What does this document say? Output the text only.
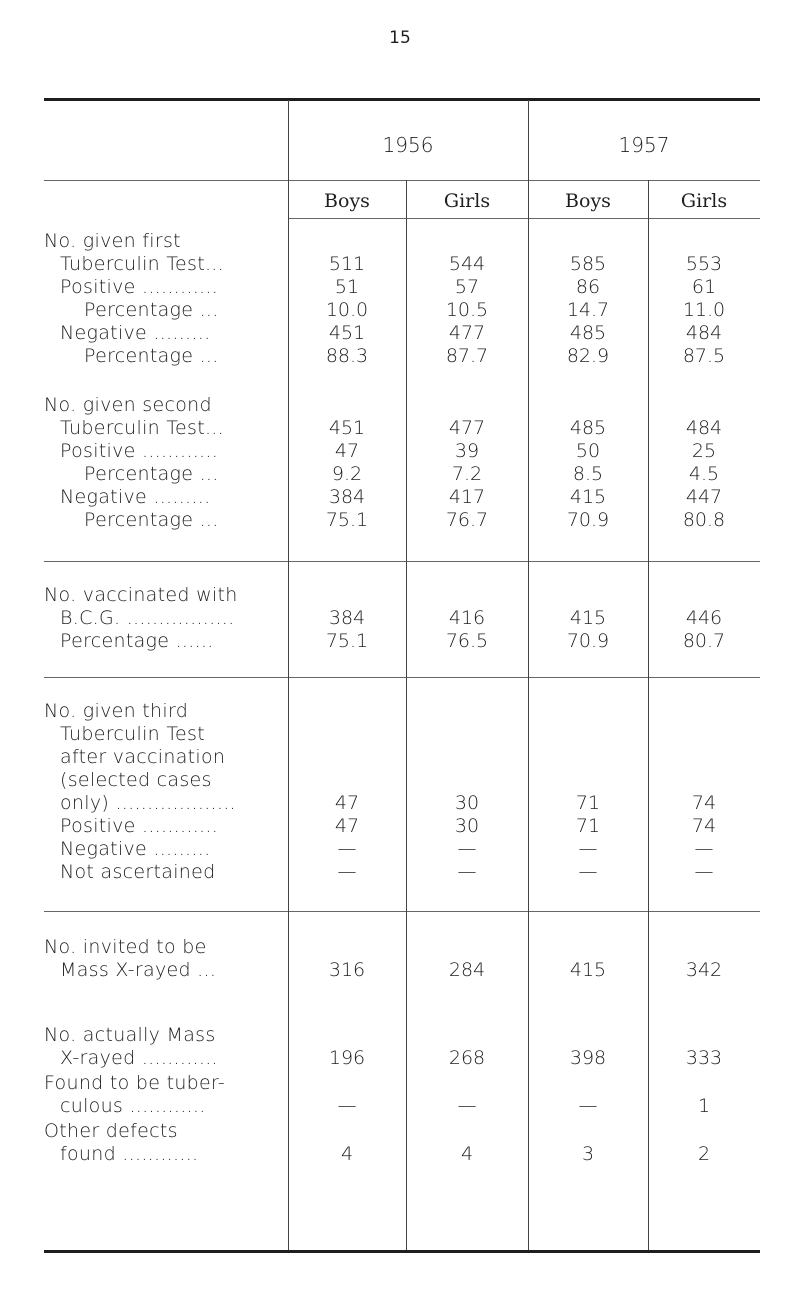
15
1956	1957
Boys	Girls	Boys	Girls
No. given first
Tuberculin Test...	511	544	585	553
Positive ............	51	57	86	61
Percentage ...	10.0	10.5	14.7	11.0
Negative .........	451	477	485	484
Percentage ...	88.3	87.7	82.9	87.5
No. given second
Tuberculin Test...	451	477	485	484
Positive ............	47	39	50	25
Percentage ...	9.2	7.2	8.5	4.5
Negative .........	384	417	415	447
Percentage ...	75.1	76.7	70.9	80.8
No. vaccinated with
B.C.G. .................	384	416	415	446
Percentage ......	75.1	76.5	70.9	80.7
No. given third
Tuberculin Test
after vaccination
(selected cases
only) ...................	47	30	71	74
Positive ............	47	30	71	74
Negative .........	—	—	—	—
Not ascertained	—	—	—	—
No. invited to be
Mass X-rayed ...	316	284	415	342
No. actually Mass
X-rayed ............	196	268	398	333
Found to be tuber-
culous ............	—	—	—	1
Other defects
found ............	4	4	3	2
